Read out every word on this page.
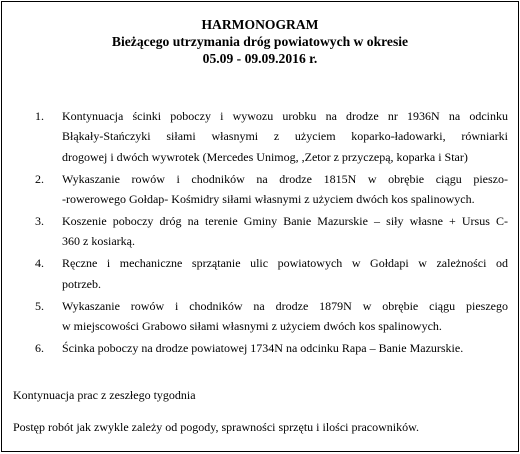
HARMONOGRAM
Bieżącego utrzymania dróg powiatowych w okresie
05.09 - 09.09.2016 r.
1.	Kontynuacja ścinki poboczy i wywozu urobku na drodze nr 1936N na odcinku
Błąkały-Stańczyki siłami własnymi z użyciem koparko-ładowarki, równiarki
drogowej i dwóch wywrotek (Mercedes Unimog, ,Zetor z przyczepą, koparka i Star)
2.	Wykaszanie rowów i chodników na drodze 1815N w obrębie ciągu pieszo-
-rowerowego Gołdap- Kośmidry siłami własnymi z użyciem dwóch kos spalinowych.
3.	Koszenie poboczy dróg na terenie Gminy Banie Mazurskie – siły własne + Ursus C-
360 z kosiarką.
4.	Ręczne i mechaniczne sprzątanie ulic powiatowych w Gołdapi w zależności od
potrzeb.
5.	Wykaszanie rowów i chodników na drodze 1879N w obrębie ciągu pieszego
w miejscowości Grabowo siłami własnymi z użyciem dwóch kos spalinowych.
6.	Ścinka poboczy na drodze powiatowej 1734N na odcinku Rapa – Banie Mazurskie.
Kontynuacja prac z zeszłego tygodnia
Postęp robót jak zwykle zależy od pogody, sprawności sprzętu i ilości pracowników.
